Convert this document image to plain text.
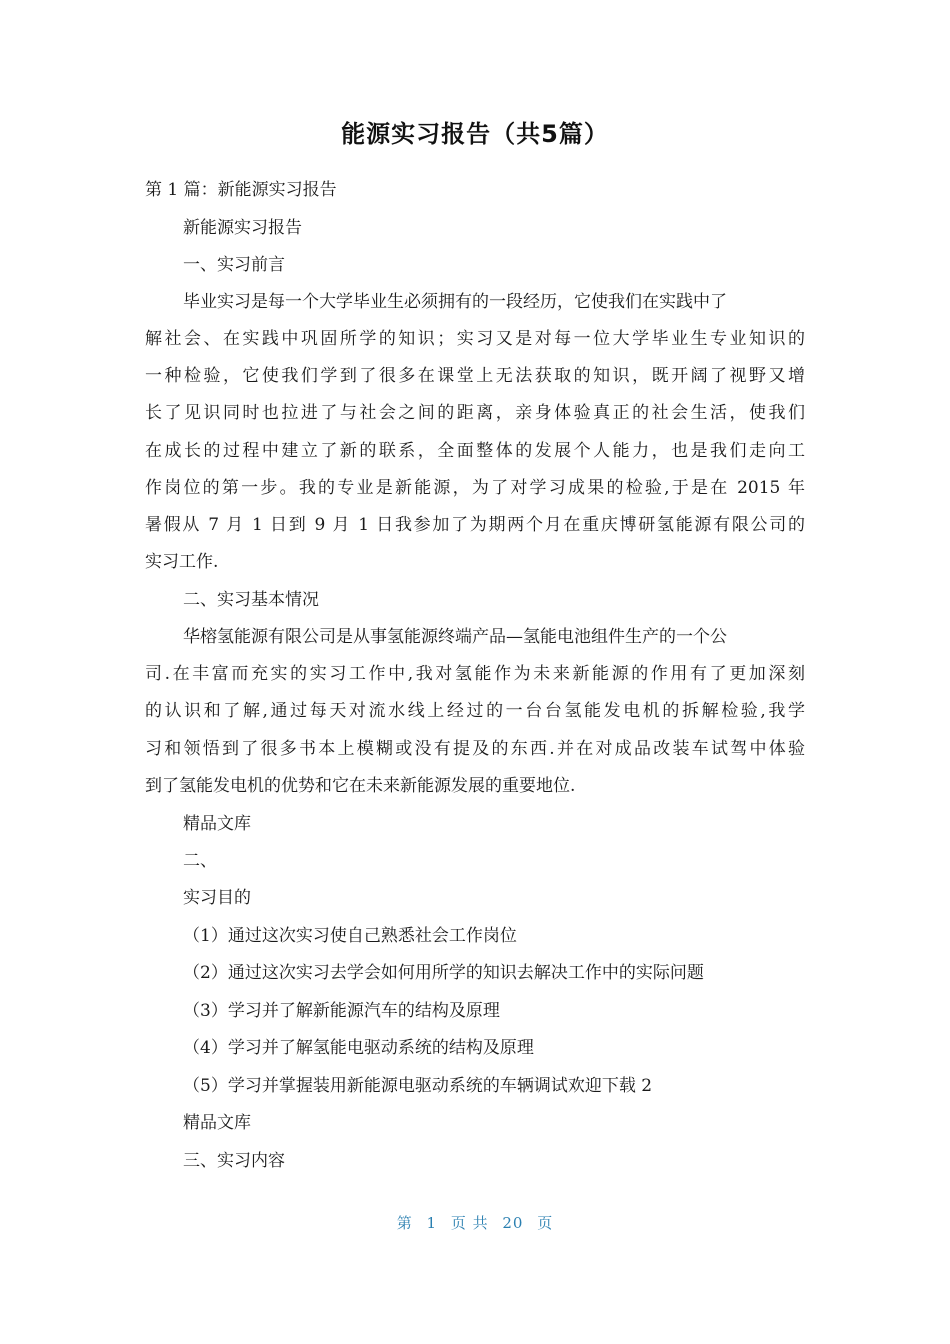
能源实习报告（共5篇）
第 1 篇：新能源实习报告
新能源实习报告
一、实习前言
毕业实习是每一个大学毕业生必须拥有的一段经历，它使我们在实践中了
解社会、在实践中巩固所学的知识；实习又是对每一位大学毕业生专业知识的
一种检验，它使我们学到了很多在课堂上无法获取的知识，既开阔了视野又增
长了见识同时也拉进了与社会之间的距离，亲身体验真正的社会生活，使我们
在成长的过程中建立了新的联系，全面整体的发展个人能力，也是我们走向工
作岗位的第一步。我的专业是新能源，为了对学习成果的检验,于是在 2015 年
暑假从 7 月 1 日到 9 月 1 日我参加了为期两个月在重庆博研氢能源有限公司的
实习工作.
二、实习基本情况
华榕氢能源有限公司是从事氢能源终端产品—氢能电池组件生产的一个公
司.在丰富而充实的实习工作中,我对氢能作为未来新能源的作用有了更加深刻
的认识和了解,通过每天对流水线上经过的一台台氢能发电机的拆解检验,我学
习和领悟到了很多书本上模糊或没有提及的东西.并在对成品改装车试驾中体验
到了氢能发电机的优势和它在未来新能源发展的重要地位.
精品文库
二、
实习目的
（1）通过这次实习使自己熟悉社会工作岗位
（2）通过这次实习去学会如何用所学的知识去解决工作中的实际问题
（3）学习并了解新能源汽车的结构及原理
（4）学习并了解氢能电驱动系统的结构及原理
（5）学习并掌握装用新能源电驱动系统的车辆调试欢迎下载 2
精品文库
三、实习内容
第 1 页 共 20 页
